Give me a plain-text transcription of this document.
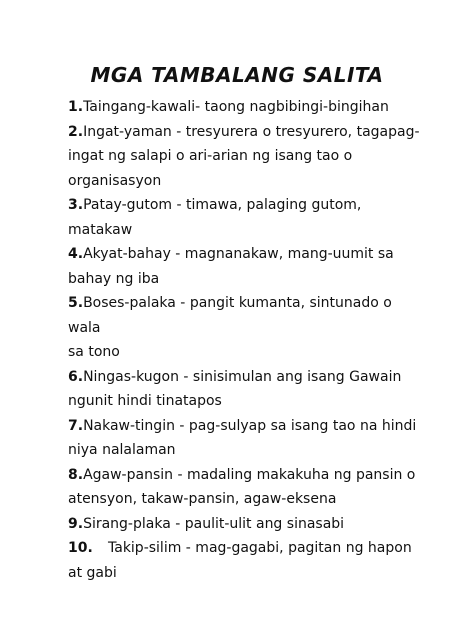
MGA TAMBALANG SALITA
1.Taingang-kawali- taong nagbibingi-bingihan
2.Ingat-yaman - tresyurera o tresyurero, tagapag-
ingat ng salapi o ari-arian ng isang tao o
organisasyon
3.Patay-gutom - timawa, palaging gutom, matakaw
4.Akyat-bahay - magnanakaw, mang-uumit sa
bahay ng iba
5.Boses-palaka - pangit kumanta, sintunado o wala
sa tono
6.Ningas-kugon - sinisimulan ang isang Gawain
ngunit hindi tinatapos
7.Nakaw-tingin - pag-sulyap sa isang tao na hindi
niya nalalaman
8.Agaw-pansin - madaling makakuha ng pansin o
atensyon, takaw-pansin, agaw-eksena
9.Sirang-plaka - paulit-ulit ang sinasabi
10. Takip-silim - mag-gagabi, pagitan ng hapon
at gabi
